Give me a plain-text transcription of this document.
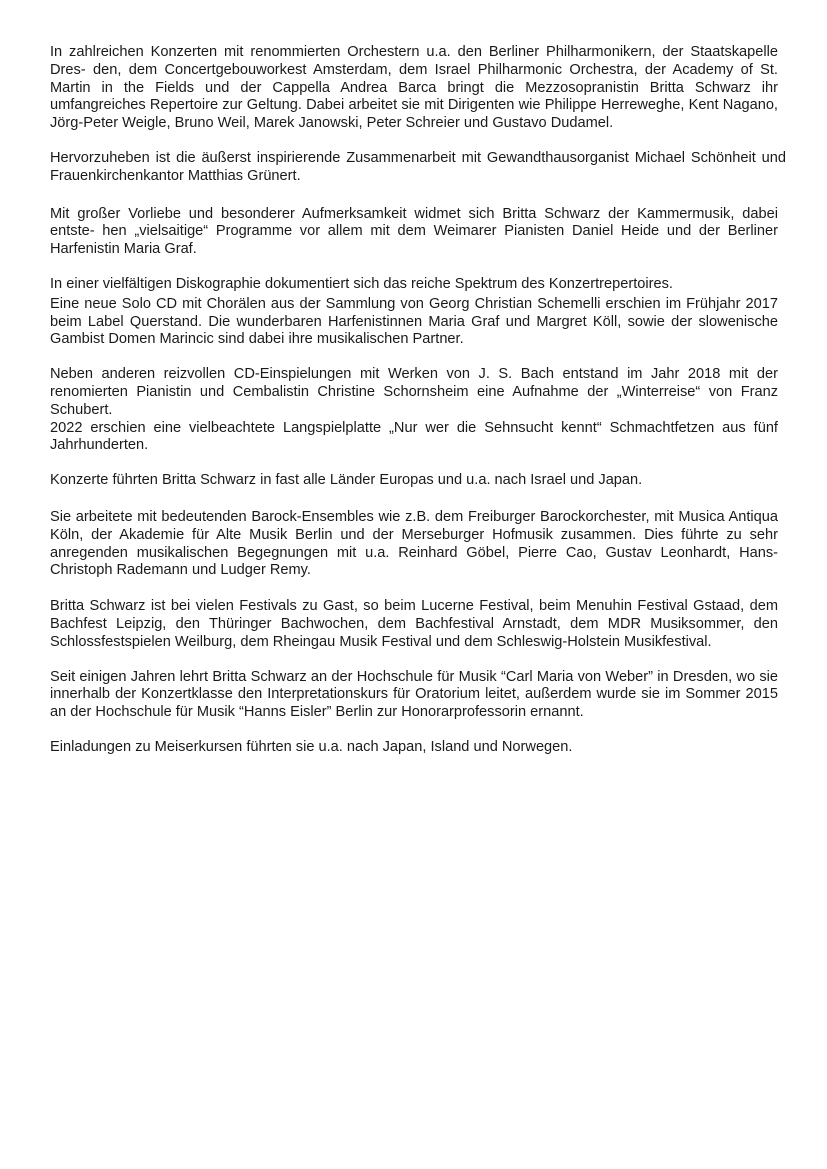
In zahlreichen Konzerten mit renommierten Orchestern u.a. den Berliner Philharmonikern, der Staatskapelle Dres- den, dem Concertgebouworkest Amsterdam, dem Israel Philharmonic Orchestra, der Academy of St. Martin in the Fields und der Cappella Andrea Barca bringt die Mezzosopranistin Britta Schwarz ihr umfangreiches Repertoire zur Geltung. Dabei arbeitet sie mit Dirigenten wie Philippe Herreweghe, Kent Nagano, Jörg-Peter Weigle, Bruno Weil, Marek Janowski, Peter Schreier und Gustavo Dudamel.

Hervorzuheben ist die äußerst inspirierende Zusammenarbeit mit Gewandthausorganist Michael Schönheit und Frauenkirchenkantor Matthias Grünert.

Mit großer Vorliebe und besonderer Aufmerksamkeit widmet sich Britta Schwarz der Kammermusik, dabei entste- hen „vielsaitige“ Programme vor allem mit dem Weimarer Pianisten Daniel Heide und der Berliner Harfenistin Maria Graf.

In einer vielfältigen Diskographie dokumentiert sich das reiche Spektrum des Konzertrepertoires.

Eine neue Solo CD mit Chorälen aus der Sammlung von Georg Christian Schemelli erschien im Frühjahr 2017 beim Label Querstand. Die wunderbaren Harfenistinnen Maria Graf und Margret Köll, sowie der slowenische Gambist Domen Marincic sind dabei ihre musikalischen Partner.

Neben anderen reizvollen CD-Einspielungen mit Werken von J. S. Bach entstand im Jahr 2018 mit der renomierten Pianistin und Cembalistin Christine Schornsheim eine Aufnahme der „Winterreise“ von Franz Schubert.
2022 erschien eine vielbeachtete Langspielplatte „Nur wer die Sehnsucht kennt“ Schmachtfetzen aus fünf Jahrhunderten.

Konzerte führten Britta Schwarz in fast alle Länder Europas und u.a. nach Israel und Japan.

Sie arbeitete mit bedeutenden Barock-Ensembles wie z.B. dem Freiburger Barockorchester, mit Musica Antiqua Köln, der Akademie für Alte Musik Berlin und der Merseburger Hofmusik zusammen. Dies führte zu sehr anregenden musikalischen Begegnungen mit u.a. Reinhard Göbel, Pierre Cao, Gustav Leonhardt, Hans-Christoph Rademann und Ludger Remy.

Britta Schwarz ist bei vielen Festivals zu Gast, so beim Lucerne Festival, beim Menuhin Festival Gstaad, dem Bachfest Leipzig, den Thüringer Bachwochen, dem Bachfestival Arnstadt, dem MDR Musiksommer, den Schlossfestspielen Weilburg, dem Rheingau Musik Festival und dem Schleswig-Holstein Musikfestival.

Seit einigen Jahren lehrt Britta Schwarz an der Hochschule für Musik “Carl Maria von Weber” in Dresden, wo sie innerhalb der Konzertklasse den Interpretationskurs für Oratorium leitet, außerdem wurde sie im Sommer 2015 an der Hochschule für Musik “Hanns Eisler” Berlin zur Honorarprofessorin ernannt.

Einladungen zu Meiserkursen führten sie u.a. nach Japan, Island und Norwegen.
